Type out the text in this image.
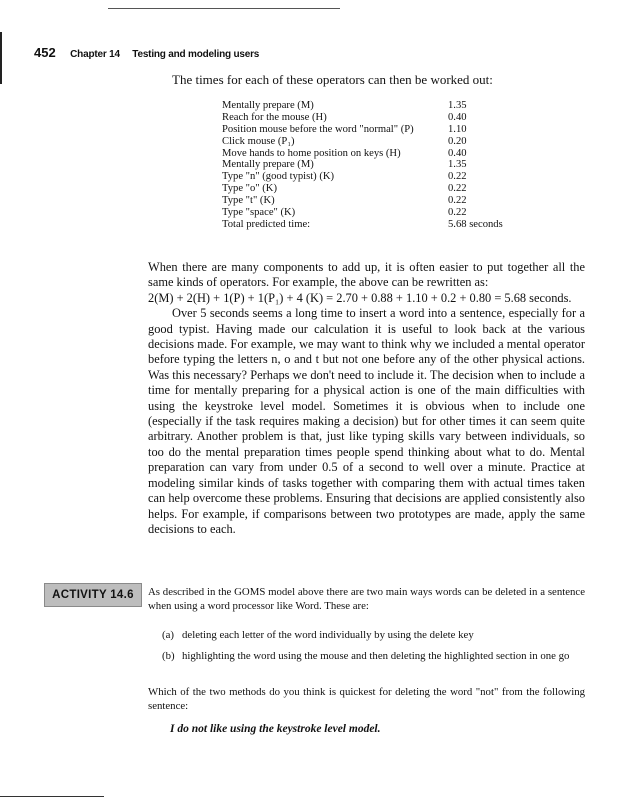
452 Chapter 14 Testing and modeling users
The times for each of these operators can then be worked out:
Mentally prepare (M)	1.35
Reach for the mouse (H)	0.40
Position mouse before the word "normal" (P)	1.10
Click mouse (P₁)	0.20
Move hands to home position on keys (H)	0.40
Mentally prepare (M)	1.35
Type "n" (good typist) (K)	0.22
Type "o" (K)	0.22
Type "t" (K)	0.22
Type "space" (K)	0.22
Total predicted time:	5.68 seconds

When there are many components to add up, it is often easier to put together all the same kinds of operators. For example, the above can be rewritten as:

2(M) + 2(H) + 1(P) + 1(P₁) + 4 (K) = 2.70 + 0.88 + 1.10 + 0.2 + 0.80 = 5.68 seconds.

Over 5 seconds seems a long time to insert a word into a sentence, especially for a good typist. Having made our calculation it is useful to look back at the various decisions made. For example, we may want to think why we included a mental operator before typing the letters n, o and t but not one before any of the other physical actions. Was this necessary? Perhaps we don't need to include it. The decision when to include a time for mentally preparing for a physical action is one of the main difficulties with using the keystroke level model. Sometimes it is obvious when to include one (especially if the task requires making a decision) but for other times it can seem quite arbitrary. Another problem is that, just like typing skills vary between individuals, so too do the mental preparation times people spend thinking about what to do. Mental preparation can vary from under 0.5 of a second to well over a minute. Practice at modeling similar kinds of tasks together with comparing them with actual times taken can help overcome these problems. Ensuring that decisions are applied consistently also helps. For example, if comparisons between two prototypes are made, apply the same decisions to each.

ACTIVITY 14.6	As described in the GOMS model above there are two main ways words can be deleted in a sentence when using a word processor like Word. These are:

(a) deleting each letter of the word individually by using the delete key
(b) highlighting the word using the mouse and then deleting the highlighted section in one go
Which of the two methods do you think is quickest for deleting the word "not" from the following sentence:
I do not like using the keystroke level model.
